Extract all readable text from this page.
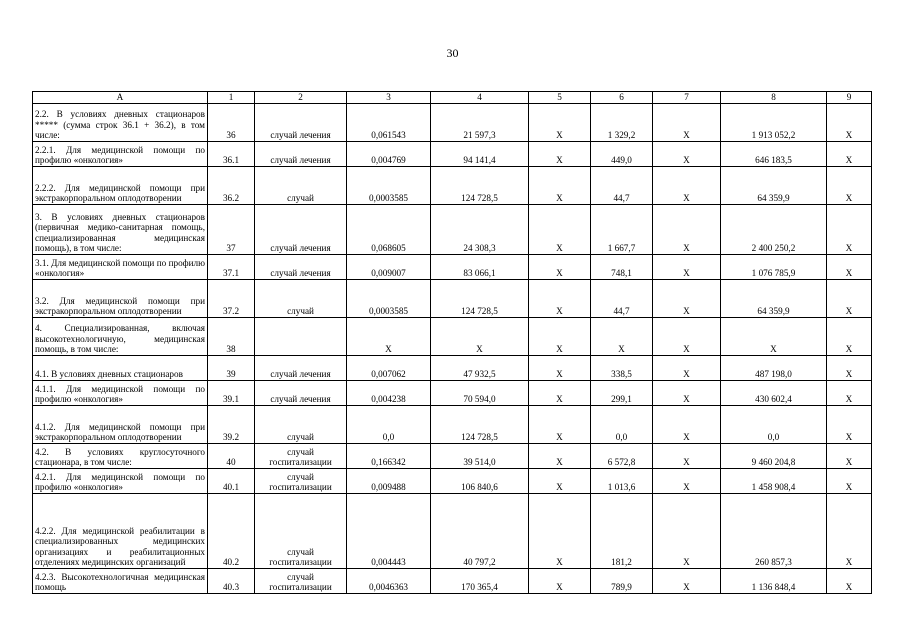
30
A	1	2	3	4	5	6	7	8	9
2.2. В условиях дневных стационаров ***** (сумма строк 36.1 + 36.2), в том числе:	36	случай лечения	0,061543	21 597,3	X	1 329,2	X	1 913 052,2	X
2.2.1. Для медицинской помощи по профилю «онкология»	36.1	случай лечения	0,004769	94 141,4	X	449,0	X	646 183,5	X
2.2.2. Для медицинской помощи при экстракорпоральном оплодотворении	36.2	случай	0,0003585	124 728,5	X	44,7	X	64 359,9	X
3. В условиях дневных стационаров (первичная медико-санитарная помощь, специализированная медицинская помощь), в том числе:	37	случай лечения	0,068605	24 308,3	X	1 667,7	X	2 400 250,2	X
3.1. Для медицинской помощи по профилю «онкология»	37.1	случай лечения	0,009007	83 066,1	X	748,1	X	1 076 785,9	X
3.2. Для медицинской помощи при экстракорпоральном оплодотворении	37.2	случай	0,0003585	124 728,5	X	44,7	X	64 359,9	X
4. Специализированная, включая высокотехнологичную, медицинская помощь, в том числе:	38		X	X	X	X	X	X	X
4.1. В условиях дневных стационаров	39	случай лечения	0,007062	47 932,5	X	338,5	X	487 198,0	X
4.1.1. Для медицинской помощи по профилю «онкология»	39.1	случай лечения	0,004238	70 594,0	X	299,1	X	430 602,4	X
4.1.2. Для медицинской помощи при экстракорпоральном оплодотворении	39.2	случай	0,0	124 728,5	X	0,0	X	0,0	X
4.2. В условиях круглосуточного стационара, в том числе:	40	случай госпитализации	0,166342	39 514,0	X	6 572,8	X	9 460 204,8	X
4.2.1. Для медицинской помощи по профилю «онкология»	40.1	случай госпитализации	0,009488	106 840,6	X	1 013,6	X	1 458 908,4	X
4.2.2. Для медицинской реабилитации в специализированных медицинских организациях и реабилитационных отделениях медицинских организаций	40.2	случай госпитализации	0,004443	40 797,2	X	181,2	X	260 857,3	X
4.2.3. Высокотехнологичная медицинская помощь	40.3	случай госпитализации	0,0046363	170 365,4	X	789,9	X	1 136 848,4	X
